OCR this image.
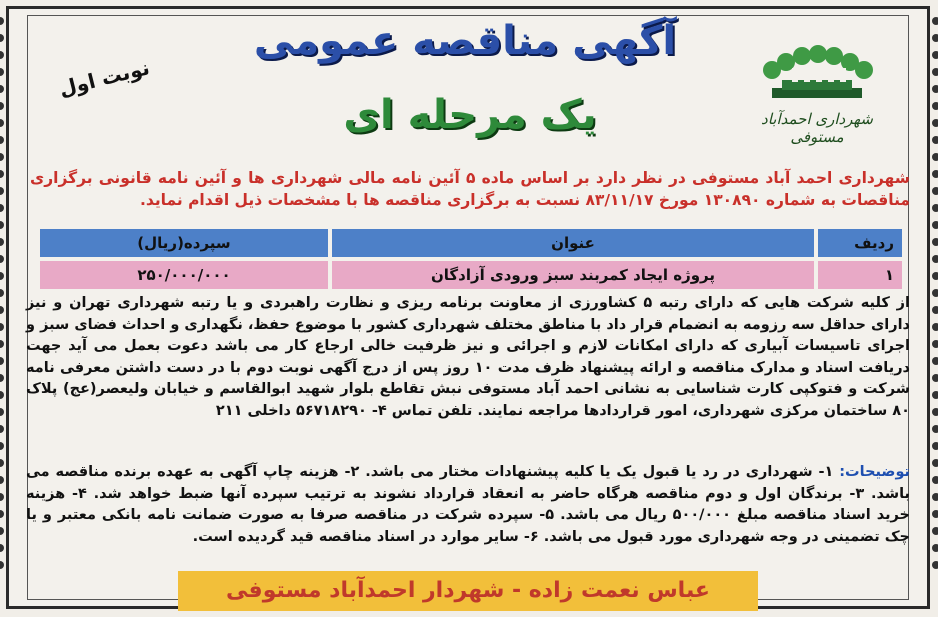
آگهی مناقصه عمومی
یک مرحله ای
نوبت اول
شهرداری احمدآباد مستوفی
شهرداری احمد آباد مستوفی در نظر دارد بر اساس ماده ۵ آئین نامه مالی شهرداری ها و آئین نامه قانونی برگزاری مناقصات به شماره ۱۳۰۸۹۰ مورخ ۸۳/۱۱/۱۷ نسبت به برگزاری مناقصه ها با مشخصات ذیل اقدام نماید.
ردیف	عنوان	سپرده(ریال)
۱	پروژه ایجاد کمربند سبز ورودی آزادگان	۲۵۰/۰۰۰/۰۰۰
از کلیه شرکت هایی که دارای رتبه ۵ کشاورزی از معاونت برنامه ریزی و نظارت راهبردی و یا رتبه شهرداری تهران و نیز دارای حداقل سه رزومه به انضمام قرار داد با مناطق مختلف شهرداری کشور با موضوع حفظ، نگهداری و احداث فضای سبز و اجرای تاسیسات آبیاری که دارای امکانات لازم و اجرائی و نیز ظرفیت خالی ارجاع کار می باشد دعوت بعمل می آید جهت دریافت اسناد و مدارک مناقصه و ارائه پیشنهاد ظرف مدت ۱۰ روز پس از درج آگهی نوبت دوم با در دست داشتن معرفی نامه شرکت و فتوکپی کارت شناسایی به نشانی احمد آباد مستوفی نبش تقاطع بلوار شهید ابوالقاسم و خیابان ولیعصر(عج) پلاک ۸۰ ساختمان مرکزی شهرداری، امور قراردادها مراجعه نمایند. تلفن تماس ۴- ۵۶۷۱۸۲۹۰ داخلی ۲۱۱
توضیحات: ۱- شهرداری در رد یا قبول یک یا کلیه پیشنهادات مختار می باشد. ۲- هزینه چاپ آگهی به عهده برنده مناقصه می باشد. ۳- برندگان اول و دوم مناقصه هرگاه حاضر به انعقاد قرارداد نشوند به ترتیب سپرده آنها ضبط خواهد شد. ۴- هزینه خرید اسناد مناقصه مبلغ ۵۰۰/۰۰۰ ریال می باشد. ۵- سپرده شرکت در مناقصه صرفا به صورت ضمانت نامه بانکی معتبر و یا چک تضمینی در وجه شهرداری مورد قبول می باشد. ۶- سایر موارد در اسناد مناقصه قید گردیده است.
عباس نعمت زاده - شهردار احمدآباد مستوفی
